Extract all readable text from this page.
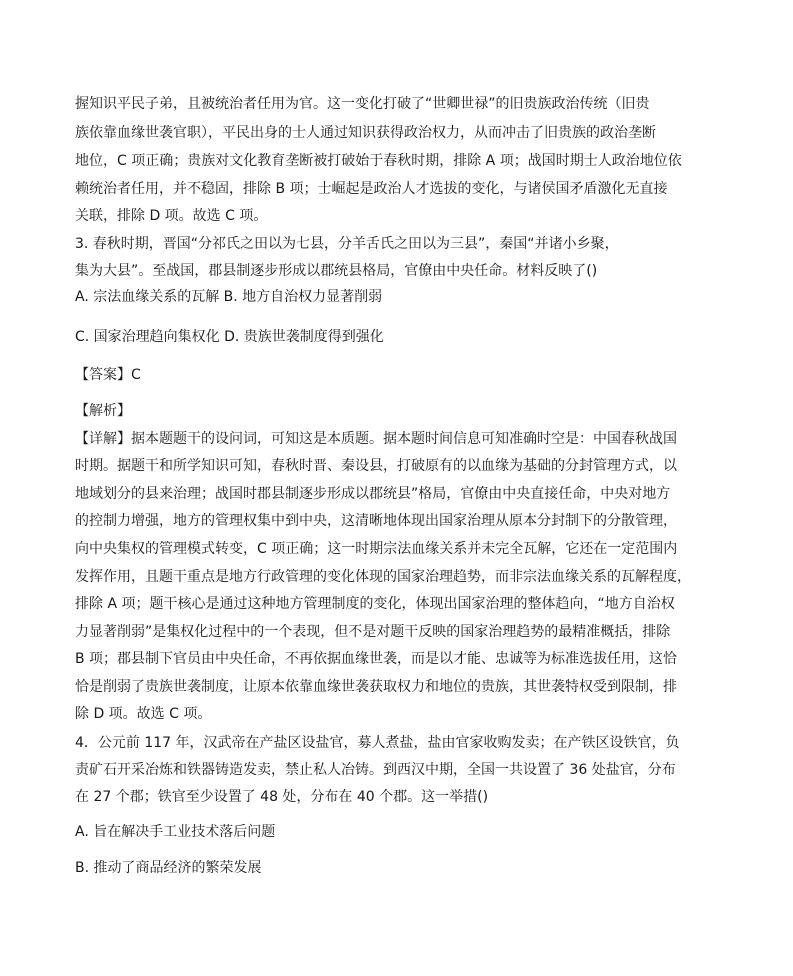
握知识平民子弟，且被统治者任用为官。这一变化打破了“世卿世禄”的旧贵族政治传统（旧贵
族依靠血缘世袭官职），平民出身的士人通过知识获得政治权力，从而冲击了旧贵族的政治垄断
地位，C 项正确；贵族对文化教育垄断被打破始于春秋时期，排除 A 项；战国时期士人政治地位依
赖统治者任用，并不稳固，排除 B 项；士崛起是政治人才选拔的变化，与诸侯国矛盾激化无直接
关联，排除 D 项。故选 C 项。
3. 春秋时期，晋国“分祁氏之田以为七县，分羊舌氏之田以为三县”，秦国“并诸小乡聚，
集为大县”。至战国，郡县制逐步形成以郡统县格局，官僚由中央任命。材料反映了()
A. 宗法血缘关系的瓦解 B. 地方自治权力显著削弱
C. 国家治理趋向集权化 D. 贵族世袭制度得到强化
【答案】C
【解析】
【详解】据本题题干的设问词，可知这是本质题。据本题时间信息可知准确时空是：中国春秋战国
时期。据题干和所学知识可知，春秋时晋、秦设县，打破原有的以血缘为基础的分封管理方式，以
地域划分的县来治理；战国时郡县制逐步形成以郡统县”格局，官僚由中央直接任命，中央对地方
的控制力增强，地方的管理权集中到中央，这清晰地体现出国家治理从原本分封制下的分散管理，
向中央集权的管理模式转变，C 项正确；这一时期宗法血缘关系并未完全瓦解，它还在一定范围内
发挥作用，且题干重点是地方行政管理的变化体现的国家治理趋势，而非宗法血缘关系的瓦解程度，
排除 A 项；题干核心是通过这种地方管理制度的变化，体现出国家治理的整体趋向，“地方自治权
力显著削弱”是集权化过程中的一个表现，但不是对题干反映的国家治理趋势的最精准概括，排除
B 项；郡县制下官员由中央任命，不再依据血缘世袭，而是以才能、忠诚等为标准选拔任用，这恰
恰是削弱了贵族世袭制度，让原本依靠血缘世袭获取权力和地位的贵族，其世袭特权受到限制，排
除 D 项。故选 C 项。
4．公元前 117 年，汉武帝在产盐区设盐官，募人煮盐，盐由官家收购发卖；在产铁区设铁官，负
责矿石开采冶炼和铁器铸造发卖，禁止私人冶铸。到西汉中期，全国一共设置了 36 处盐官，分布
在 27 个郡；铁官至少设置了 48 处，分布在 40 个郡。这一举措()
A. 旨在解决手工业技术落后问题
B. 推动了商品经济的繁荣发展
